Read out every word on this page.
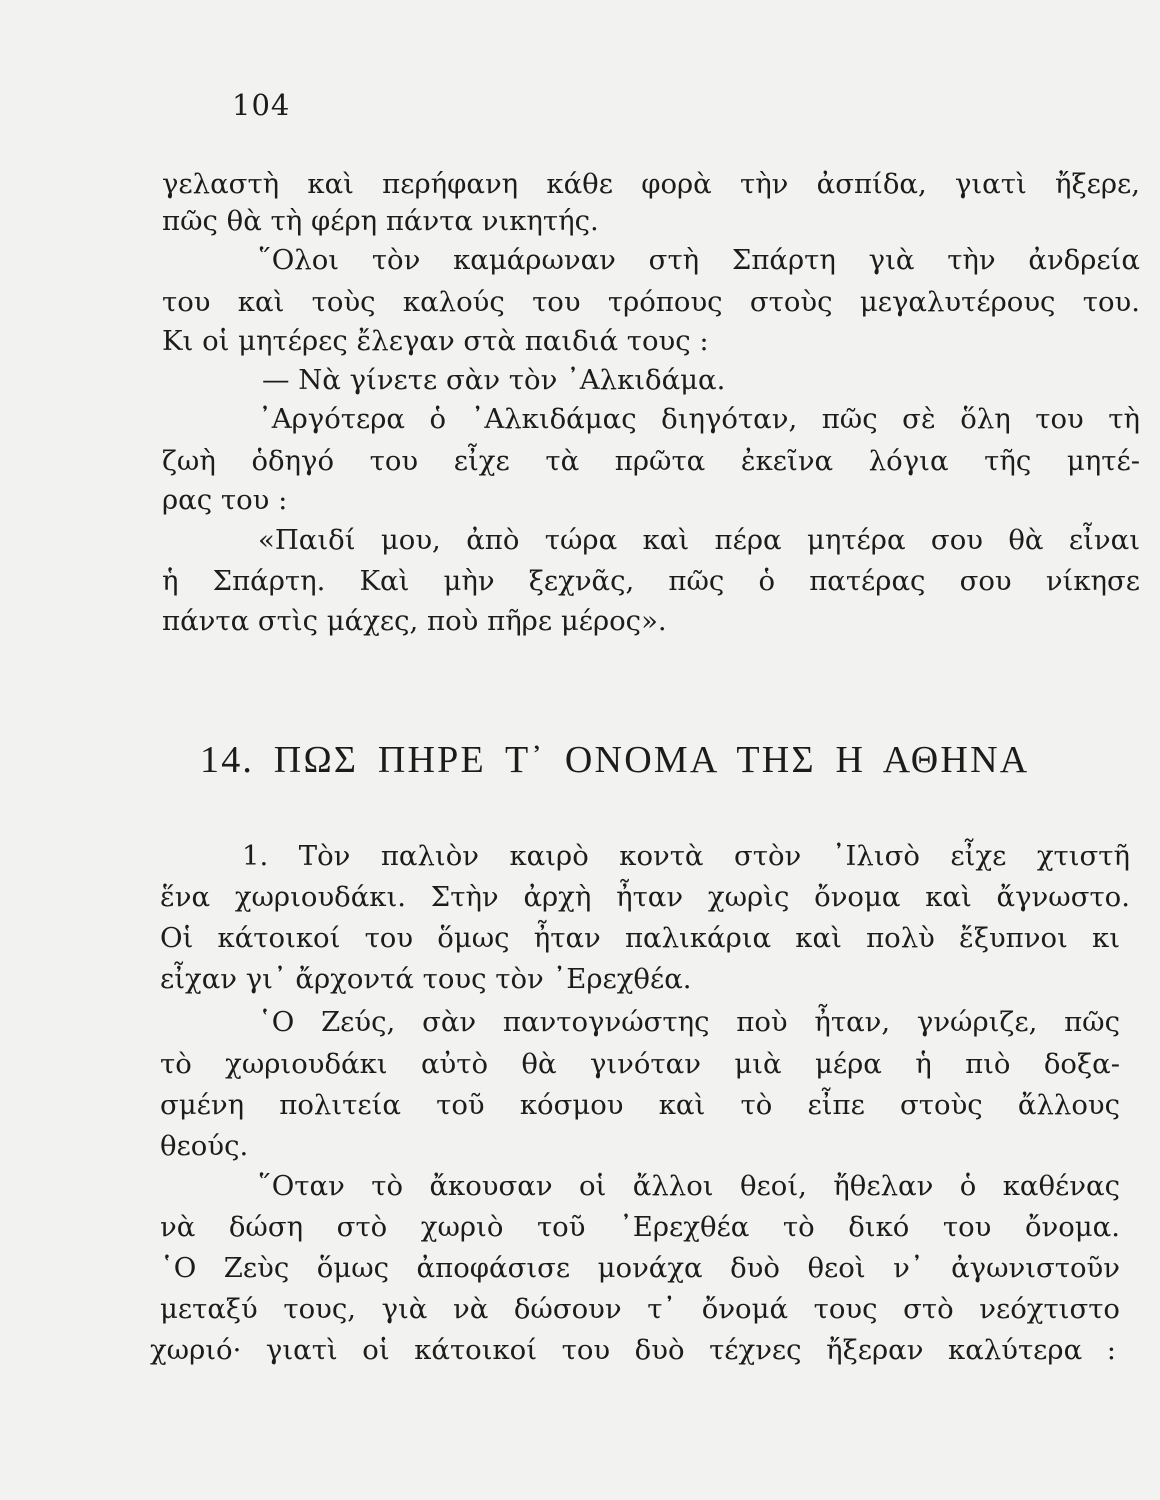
104
γελαστὴ καὶ περήφανη κάθε φορὰ τὴν ἀσπίδα, γιατὶ ἤξερε,
πῶς θὰ τὴ φέρη πάντα νικητής.
῞Ολοι τὸν καμάρωναν στὴ Σπάρτη γιὰ τὴν ἀνδρεία
του καὶ τοὺς καλούς του τρόπους στοὺς μεγαλυτέρους του.
Κι οἱ μητέρες ἔλεγαν στὰ παιδιά τους :
— Νὰ γίνετε σὰν τὸν ᾿Αλκιδάμα.
᾿Αργότερα ὁ ᾿Αλκιδάμας διηγόταν, πῶς σὲ ὅλη του τὴ
ζωὴ ὁδηγό του εἶχε τὰ πρῶτα ἐκεῖνα λόγια τῆς μητέ-
ρας του :
«Παιδί μου, ἀπὸ τώρα καὶ πέρα μητέρα σου θὰ εἶναι
ἡ Σπάρτη. Καὶ μὴν ξεχνᾶς, πῶς ὁ πατέρας σου νίκησε
πάντα στὶς μάχες, ποὺ πῆρε μέρος».
14. ΠΩΣ ΠΗΡΕ Τ᾿ ΟΝΟΜΑ ΤΗΣ Η ΑΘΗΝΑ
1. Τὸν παλιὸν καιρὸ κοντὰ στὸν ᾿Ιλισὸ εἶχε χτιστῆ
ἕνα χωριουδάκι. Στὴν ἀρχὴ ἦταν χωρὶς ὄνομα καὶ ἄγνωστο.
Οἱ κάτοικοί του ὅμως ἦταν παλικάρια καὶ πολὺ ἔξυπνοι κι
εἶχαν γι᾿ ἄρχοντά τους τὸν ᾿Ερεχθέα.
῾Ο Ζεύς, σὰν παντογνώστης ποὺ ἦταν, γνώριζε, πῶς
τὸ χωριουδάκι αὐτὸ θὰ γινόταν μιὰ μέρα ἡ πιὸ δοξα-
σμένη πολιτεία τοῦ κόσμου καὶ τὸ εἶπε στοὺς ἄλλους
θεούς.
῞Οταν τὸ ἄκουσαν οἱ ἄλλοι θεοί, ἤθελαν ὁ καθένας
νὰ δώση στὸ χωριὸ τοῦ ᾿Ερεχθέα τὸ δικό του ὄνομα.
῾Ο Ζεὺς ὅμως ἀποφάσισε μονάχα δυὸ θεοὶ ν᾿ ἀγωνιστοῦν
μεταξύ τους, γιὰ νὰ δώσουν τ᾿ ὄνομά τους στὸ νεόχτιστο
χωριό· γιατὶ οἱ κάτοικοί του δυὸ τέχνες ἤξεραν καλύτερα :
